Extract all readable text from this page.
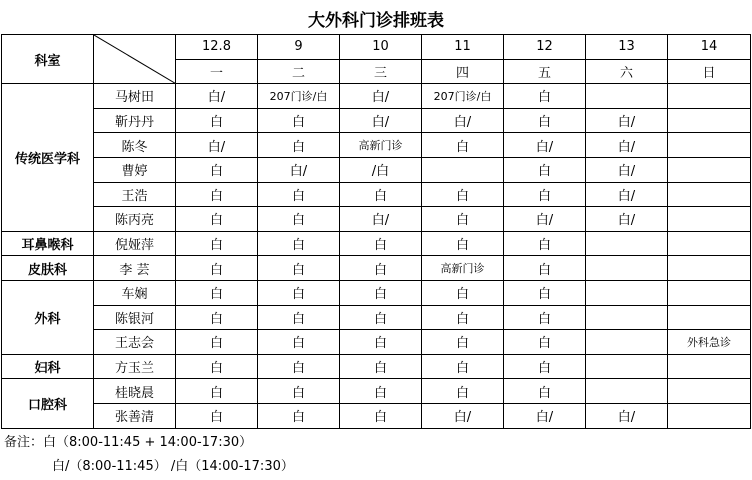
大外科门诊排班表
科室		12.8	9	10	11	12	13	14
		一	二	三	四	五	六	日
传统医学科	马树田	白/	207门诊/白	白/	207门诊/白	白		
	靳丹丹	白	白	白/	白/	白	白/	
	陈冬	白/	白	高新门诊	白	白/	白/	
	曹婷	白	白/	/白		白	白/	
	王浩	白	白	白	白	白	白/	
	陈丙亮	白	白	白/	白	白/	白/	
耳鼻喉科	倪娅萍	白	白	白	白	白		
皮肤科	李 芸	白	白	白	高新门诊	白		
外科	车娴	白	白	白	白	白		
	陈银河	白	白	白	白	白		
	王志会	白	白	白	白	白		外科急诊
妇科	方玉兰	白	白	白	白	白		
口腔科	桂晓晨	白	白	白	白	白		
	张善清	白	白	白	白/	白/	白/	
备注：白（8:00-11:45 + 14:00-17:30）
白/（8:00-11:45） /白（14:00-17:30）
